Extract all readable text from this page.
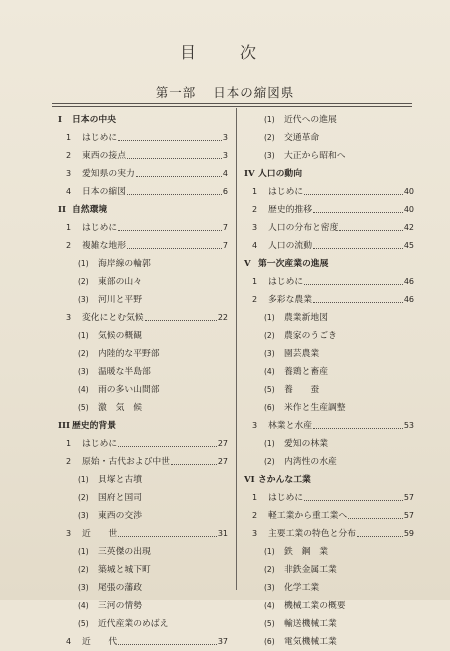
目　次
第一部 日本の縮図県
I	日本の中央
1	はじめに	3
2	東西の接点	3
3	愛知県の実力	4
4	日本の縮図	6
II 自然環境
1	はじめに	7
2	複雑な地形	7
(1)	海岸線の輪郭
(2)	東部の山々
(3)	河川と平野
3	変化にとむ気候	22
(1)	気候の概観
(2)	内陸的な平野部
(3)	温暖な半島部
(4)	雨の多い山間部
(5)	激　気　候
III 歴史的背景
1	はじめに	27
2	原始・古代および中世	27
(1)	貝塚と古墳
(2)	国府と国司
(3)	東西の交渉
3	近　　世	31
(1)	三英傑の出現
(2)	築城と城下町
(3)	尾張の藩政
(4)	三河の情勢
(5)	近代産業のめばえ
4	近　　代	37
(1)	近代への進展
(2)	交通革命
(3)	大正から昭和へ
IV 人口の動向
1	はじめに	40
2	歴史的推移	40
3	人口の分布と密度	42
4	人口の流動	45
V 第一次産業の進展
1	はじめに	46
2	多彩な農業	46
(1)	農業新地図
(2)	農家のうごき
(3)	園芸農業
(4)	養鶏と畜産
(5)	養　　蚕
(6)	米作と生産調整
3	林業と水産	53
(1)	愛知の林業
(2)	内湾性の水産
VI さかんな工業
1	はじめに	57
2	軽工業から重工業へ	57
3	主要工業の特色と分布	59
(1)	鉄　鋼　業
(2)	非鉄金属工業
(3)	化学工業
(4)	機械工業の概要
(5)	輸送機械工業
(6)	電気機械工業
